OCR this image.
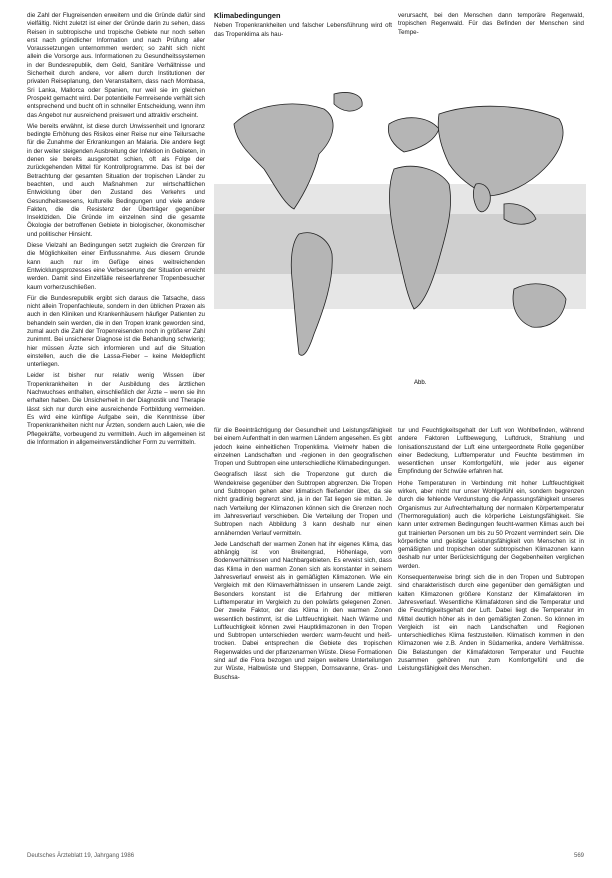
die Zahl der Flugreisenden erweitern und die Gründe dafür sind vielfältig. Nicht zuletzt ist einer der Gründe darin zu sehen, dass Reisen in subtropische und tropische Gebiete nur noch selten erst nach gründlicher Information und nach Prüfung aller Voraussetzungen unternommen werden; so zahlt sich nicht allein die Vorsorge aus. Informationen zu Gesundheitssystemen in der Bundesrepublik, dem Geld, Sanitäre Verhältnisse und Sicherheit durch andere, vor allem durch Institutionen der privaten Reiseplanung, den Veranstaltern, dass nach Mombasa, Sri Lanka, Mallorca oder Spanien, nur weil sie im gleichen Prospekt gemacht wird. Der potentielle Fernreisende verhält sich entsprechend und bucht oft in schneller Entscheidung, wenn ihm das Angebot nur ausreichend preiswert und attraktiv erscheint.

Wie bereits erwähnt, ist diese durch Unwissenheit und Ignoranz bedingte Erhöhung des Risikos einer Reise nur eine Teilursache für die Zunahme der Erkrankungen an Malaria. Die andere liegt in der weiter steigenden Ausbreitung der Infektion in Gebieten, in denen sie bereits ausgerottet schien, oft als Folge der zurückgehenden Mittel für Kontrollprogramme. Das ist bei der Betrachtung der gesamten Situation der tropischen Länder zu beachten, und auch Maßnahmen zur wirtschaftlichen Entwicklung über den Zustand des Verkehrs und Gesundheitswesens, kulturelle Bedingungen und viele andere Fakten, die die Resistenz der Überträger gegenüber Insektiziden. Die Gründe im einzelnen sind die gesamte Ökologie der betroffenen Gebiete in biologischer, ökonomischer und politischer Hinsicht.

Diese Vielzahl an Bedingungen setzt zugleich die Grenzen für die Möglichkeiten einer Einflussnahme. Aus diesem Grunde kann auch nur im Gefüge eines weitreichenden Entwicklungsprozesses eine Verbesserung der Situation erreicht werden. Damit sind Einzelfälle reiseerfahrener Tropenbesucher kaum vorherzuschließen.

Für die Bundesrepublik ergibt sich daraus die Tatsache, dass nicht allein Tropenfachleute, sondern in den üblichen Praxen als auch in den Kliniken und Krankenhäusern häufiger Patienten zu behandeln sein werden, die in den Tropen krank geworden sind, zumal auch die Zahl der Tropenreisenden noch in größerer Zahl zunimmt. Bei unsicherer Diagnose ist die Behandlung schwierig; hier müssen Ärzte sich informieren und auf die Situation einstellen, auch die die Lassa-Fieber – keine Meldepflicht unterliegen.

Leider ist bisher nur relativ wenig Wissen über Tropenkrankheiten in der Ausbildung des ärztlichen Nachwuchses enthalten, einschließlich der Ärzte – wenn sie ihn erhalten haben. Die Unsicherheit in der Diagnostik und Therapie lässt sich nur durch eine ausreichende Fortbildung vermeiden. Es wird eine künftige Aufgabe sein, die Kenntnisse über Tropenkrankheiten nicht nur Ärzten, sondern auch Laien, wie die Pflegekräfte, vorbeugend zu vermitteln. Auch im allgemeinen ist die Information in allgemeinverständlicher Form zu vermitteln.

Klimabedingungen

Neben Tropenkrankheiten und falscher Lebensführung wird oft das Tropenklima als hau-

verursacht, bei den Menschen dann temporäre Regenwald, tropischen Regenwald. Für das Befinden der Menschen sind Tempe-

Abb.

für die Beeinträchtigung der Gesundheit und Leistungsfähigkeit bei einem Aufenthalt in den warmen Ländern angesehen. Es gibt jedoch keine einheitlichen Tropenklima. Vielmehr haben die einzelnen Landschaften und -regionen in den geografischen Tropen und Subtropen eine unterschiedliche Klimabedingungen.

Geografisch lässt sich die Tropenzone gut durch die Wendekreise gegenüber den Subtropen abgrenzen. Die Tropen und Subtropen gehen aber klimatisch fließender über, da sie nicht gradlinig begrenzt sind, ja in der Tat liegen sie mitten. Je nach Verteilung der Klimazonen können sich die Grenzen noch im Jahresverlauf verschieben. Die Verteilung der Tropen und Subtropen nach Abbildung 3 kann deshalb nur einen annähernden Verlauf vermitteln.

Jede Landschaft der warmen Zonen hat ihr eigenes Klima, das abhängig ist von Breitengrad, Höhenlage, vom Bodenverhältnissen und Nachbargebieten. Es erweist sich, dass das Klima in den warmen Zonen sich als konstanter in seinem Jahresverlauf erweist als in gemäßigten Klimazonen. Wie ein Vergleich mit den Klimaverhältnissen in unserem Lande zeigt. Besonders konstant ist die Erfahrung der mittleren Lufttemperatur im Vergleich zu den polwärts gelegenen Zonen. Der zweite Faktor, der das Klima in den warmen Zonen wesentlich bestimmt, ist die Luftfeuchtigkeit. Nach Wärme und Luftfeuchtigkeit können zwei Hauptklimazonen in den Tropen und Subtropen unterschieden werden: warm-feucht und heiß-trocken. Dabei entsprechen die Gebiete des tropischen Regenwaldes und der pflanzenarmen Wüste. Diese Formationen sind auf die Flora bezogen und zeigen weitere Unterteilungen zur Wüste, Halbwüste und Steppen, Dornsavanne, Gras- und Buschsa-

tur und Feuchtigkeitsgehalt der Luft von Wohlbefinden, während andere Faktoren Luftbewegung, Luftdruck, Strahlung und Ionisationszustand der Luft eine untergeordnete Rolle gegenüber einer Bedeckung, Lufttemperatur und Feuchte bestimmen im wesentlichen unser Komfortgefühl, wie jeder aus eigener Empfindung der Schwüle erfahren hat.

Hohe Temperaturen in Verbindung mit hoher Luftfeuchtigkeit wirken, aber nicht nur unser Wohlgefühl ein, sondern begrenzen durch die fehlende Verdunstung die Anpassungsfähigkeit unseres Organismus zur Aufrechterhaltung der normalen Körpertemperatur (Thermoregulation) auch die körperliche Leistungsfähigkeit. Sie kann unter extremen Bedingungen feucht-warmen Klimas auch bei gut trainierten Personen um bis zu 50 Prozent vermindert sein. Die körperliche und geistige Leistungsfähigkeit von Menschen ist in gemäßigten und tropischen oder subtropischen Klimazonen kann deshalb nur unter Berücksichtigung der Gegebenheiten verglichen werden.

Konsequenterweise bringt sich die in den Tropen und Subtropen sind charakteristisch durch eine gegenüber den gemäßigten und kalten Klimazonen größere Konstanz der Klimafaktoren im Jahresverlauf. Wesentliche Klimafaktoren sind die Temperatur und die Feuchtigkeitsgehalt der Luft. Dabei liegt die Temperatur im Mittel deutlich höher als in den gemäßigten Zonen. So können im Vergleich ist ein nach Landschaften und Regionen unterschiedliches Klima festzustellen. Klimatisch kommen in den Klimazonen wie z.B. Anden in Südamerika, andere Verhältnisse. Die Belastungen der Klimafaktoren Temperatur und Feuchte zusammen gehören nun zum Komfortgefühl und die Leistungsfähigkeit des Menschen.

Deutsches Ärzteblatt 19, Jahrgang 1986	569
